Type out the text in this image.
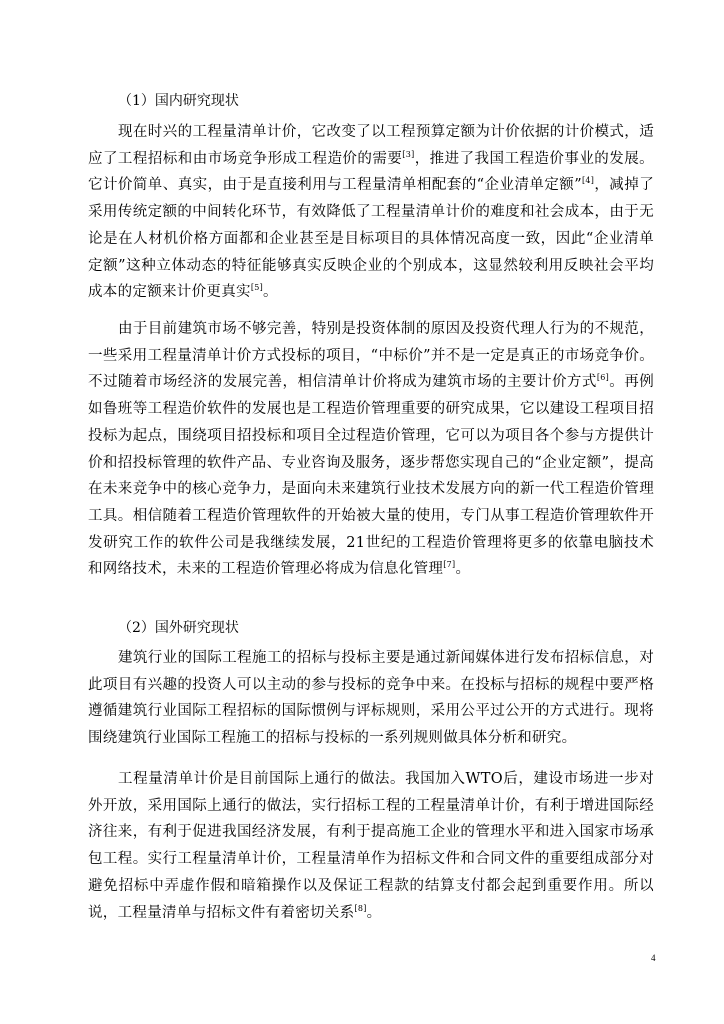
（1）国内研究现状

现在时兴的工程量清单计价，它改变了以工程预算定额为计价依据的计价模式，适应了工程招标和由市场竞争形成工程造价的需要[3]，推进了我国工程造价事业的发展。它计价简单、真实，由于是直接利用与工程量清单相配套的“企业清单定额”[4]，减掉了采用传统定额的中间转化环节，有效降低了工程量清单计价的难度和社会成本，由于无论是在人材机价格方面都和企业甚至是目标项目的具体情况高度一致，因此“企业清单定额”这种立体动态的特征能够真实反映企业的个别成本，这显然较利用反映社会平均成本的定额来计价更真实[5]。

由于目前建筑市场不够完善，特别是投资体制的原因及投资代理人行为的不规范，一些采用工程量清单计价方式投标的项目，“中标价”并不是一定是真正的市场竞争价。不过随着市场经济的发展完善，相信清单计价将成为建筑市场的主要计价方式[6]。再例如鲁班等工程造价软件的发展也是工程造价管理重要的研究成果，它以建设工程项目招投标为起点，围绕项目招投标和项目全过程造价管理，它可以为项目各个参与方提供计价和招投标管理的软件产品、专业咨询及服务，逐步帮您实现自己的“企业定额”，提高在未来竞争中的核心竞争力，是面向未来建筑行业技术发展方向的新一代工程造价管理工具。相信随着工程造价管理软件的开始被大量的使用，专门从事工程造价管理软件开发研究工作的软件公司是我继续发展，21世纪的工程造价管理将更多的依靠电脑技术和网络技术，未来的工程造价管理必将成为信息化管理[7]。

（2）国外研究现状

建筑行业的国际工程施工的招标与投标主要是通过新闻媒体进行发布招标信息，对此项目有兴趣的投资人可以主动的参与投标的竞争中来。在投标与招标的规程中要严格遵循建筑行业国际工程招标的国际惯例与评标规则，采用公平过公开的方式进行。现将围绕建筑行业国际工程施工的招标与投标的一系列规则做具体分析和研究。

工程量清单计价是目前国际上通行的做法。我国加入WTO后，建设市场进一步对外开放，采用国际上通行的做法，实行招标工程的工程量清单计价，有利于增进国际经济往来，有利于促进我国经济发展，有利于提高施工企业的管理水平和进入国家市场承包工程。实行工程量清单计价，工程量清单作为招标文件和合同文件的重要组成部分对避免招标中弄虚作假和暗箱操作以及保证工程款的结算支付都会起到重要作用。所以说，工程量清单与招标文件有着密切关系[8]。

4
